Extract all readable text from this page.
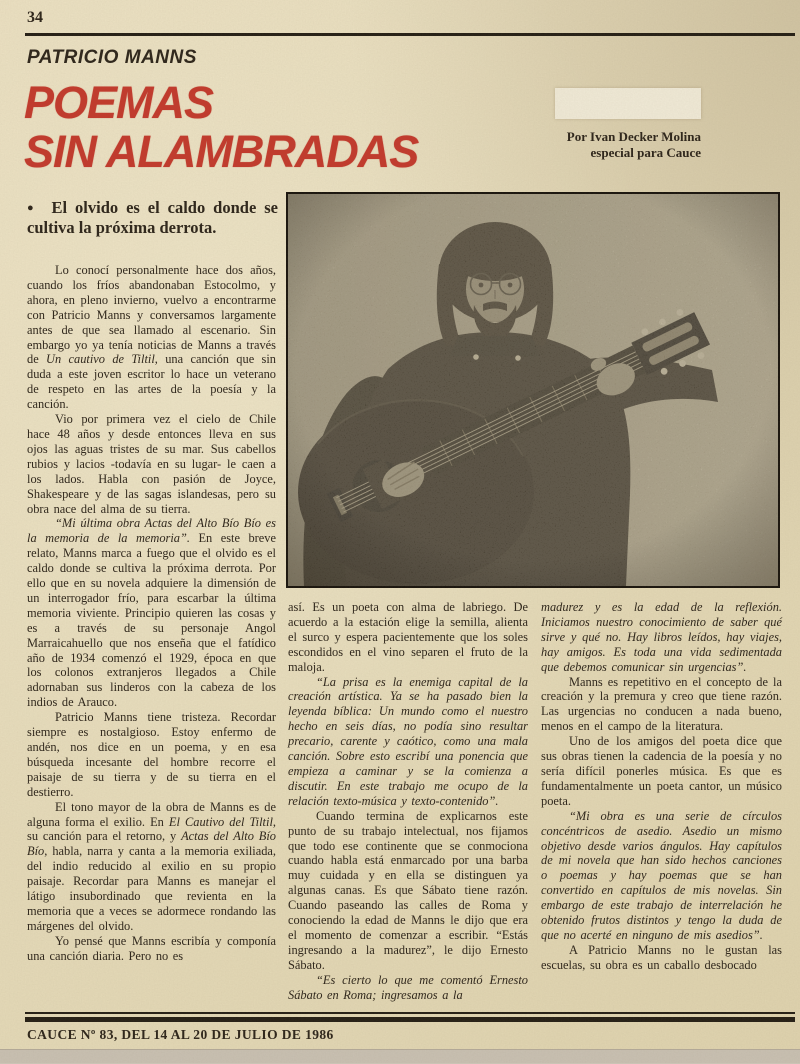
34
PATRICIO MANNS
POEMAS
SIN ALAMBRADAS	Por Ivan Decker Molina
especial para Cauce
● El olvido es el caldo donde se cultiva la próxima derrota.

Lo conocí personalmente hace dos años, cuando los fríos abandonaban Estocolmo, y ahora, en pleno invierno, vuelvo a encontrarme con Patricio Manns y conversamos largamente antes de que sea llamado al escenario. Sin embargo yo ya tenía noticias de Manns a través de Un cautivo de Tiltil, una canción que sin duda a este joven escritor lo hace un veterano de respeto en las artes de la poesía y la canción.

Vio por primera vez el cielo de Chile hace 48 años y desde entonces lleva en sus ojos las aguas tristes de su mar. Sus cabellos rubios y lacios -todavía en su lugar- le caen a los lados. Habla con pasión de Joyce, Shakespeare y de las sagas islandesas, pero su obra nace del alma de su tierra.

“Mi última obra Actas del Alto Bío Bío es la memoria de la memoria”. En este breve relato, Manns marca a fuego que el olvido es el caldo donde se cultiva la próxima derrota. Por ello que en su novela adquiere la dimensión de un interrogador frío, para escarbar la última memoria viviente. Principio quieren las cosas y es a través de su personaje Angol Marraicahuello que nos enseña que el fatídico año de 1934 comenzó el 1929, época en que los colonos extranjeros llegados a Chile adornaban sus linderos con la cabeza de los indios de Arauco.

Patricio Manns tiene tristeza. Recordar siempre es nostalgioso. Estoy enfermo de andén, nos dice en un poema, y en esa búsqueda incesante del hombre recorre el paisaje de su tierra y de su tierra en el destierro.

El tono mayor de la obra de Manns es de alguna forma el exilio. En El Cautivo del Tiltil, su canción para el retorno, y Actas del Alto Bío Bío, habla, narra y canta a la memoria exiliada, del indio reducido al exilio en su propio paisaje. Recordar para Manns es manejar el látigo insubordinado que revienta en la memoria que a veces se adormece rondando las márgenes del olvido.

Yo pensé que Manns escribía y componía una canción diaria. Pero no es

así. Es un poeta con alma de labriego. De acuerdo a la estación elige la semilla, alienta el surco y espera pacientemente que los soles escondidos en el vino separen el fruto de la maloja.

“La prisa es la enemiga capital de la creación artística. Ya se ha pasado bien la leyenda bíblica: Un mundo como el nuestro hecho en seis días, no podía sino resultar precario, carente y caótico, como una mala canción. Sobre esto escribí una ponencia que empieza a caminar y se la comienza a discutir. En este trabajo me ocupo de la relación texto-música y texto-contenido”.

Cuando termina de explicarnos este punto de su trabajo intelectual, nos fijamos que todo ese continente que se conmociona cuando habla está enmarcado por una barba muy cuidada y en ella se distinguen ya algunas canas. Es que Sábato tiene razón. Cuando paseando las calles de Roma y conociendo la edad de Manns le dijo que era el momento de comenzar a escribir. “Estás ingresando a la madurez”, le dijo Ernesto Sábato.

“Es cierto lo que me comentó Ernesto Sábato en Roma; ingresamos a la

madurez y es la edad de la reflexión. Iniciamos nuestro conocimiento de saber qué sirve y qué no. Hay libros leídos, hay viajes, hay amigos. Es toda una vida sedimentada que debemos comunicar sin urgencias”.

Manns es repetitivo en el concepto de la creación y la premura y creo que tiene razón. Las urgencias no conducen a nada bueno, menos en el campo de la literatura.

Uno de los amigos del poeta dice que sus obras tienen la cadencia de la poesía y no sería difícil ponerles música. Es que es fundamentalmente un poeta cantor, un músico poeta.

“Mi obra es una serie de círculos concéntricos de asedio. Asedio un mismo objetivo desde varios ángulos. Hay capítulos de mi novela que han sido hechos canciones o poemas y hay poemas que se han convertido en capítulos de mis novelas. Sin embargo de este trabajo de interrelación he obtenido frutos distintos y tengo la duda de que no acerté en ninguno de mis asedios”.

A Patricio Manns no le gustan las escuelas, su obra es un caballo desbocado

CAUCE Nº 83, DEL 14 AL 20 DE JULIO DE 1986
